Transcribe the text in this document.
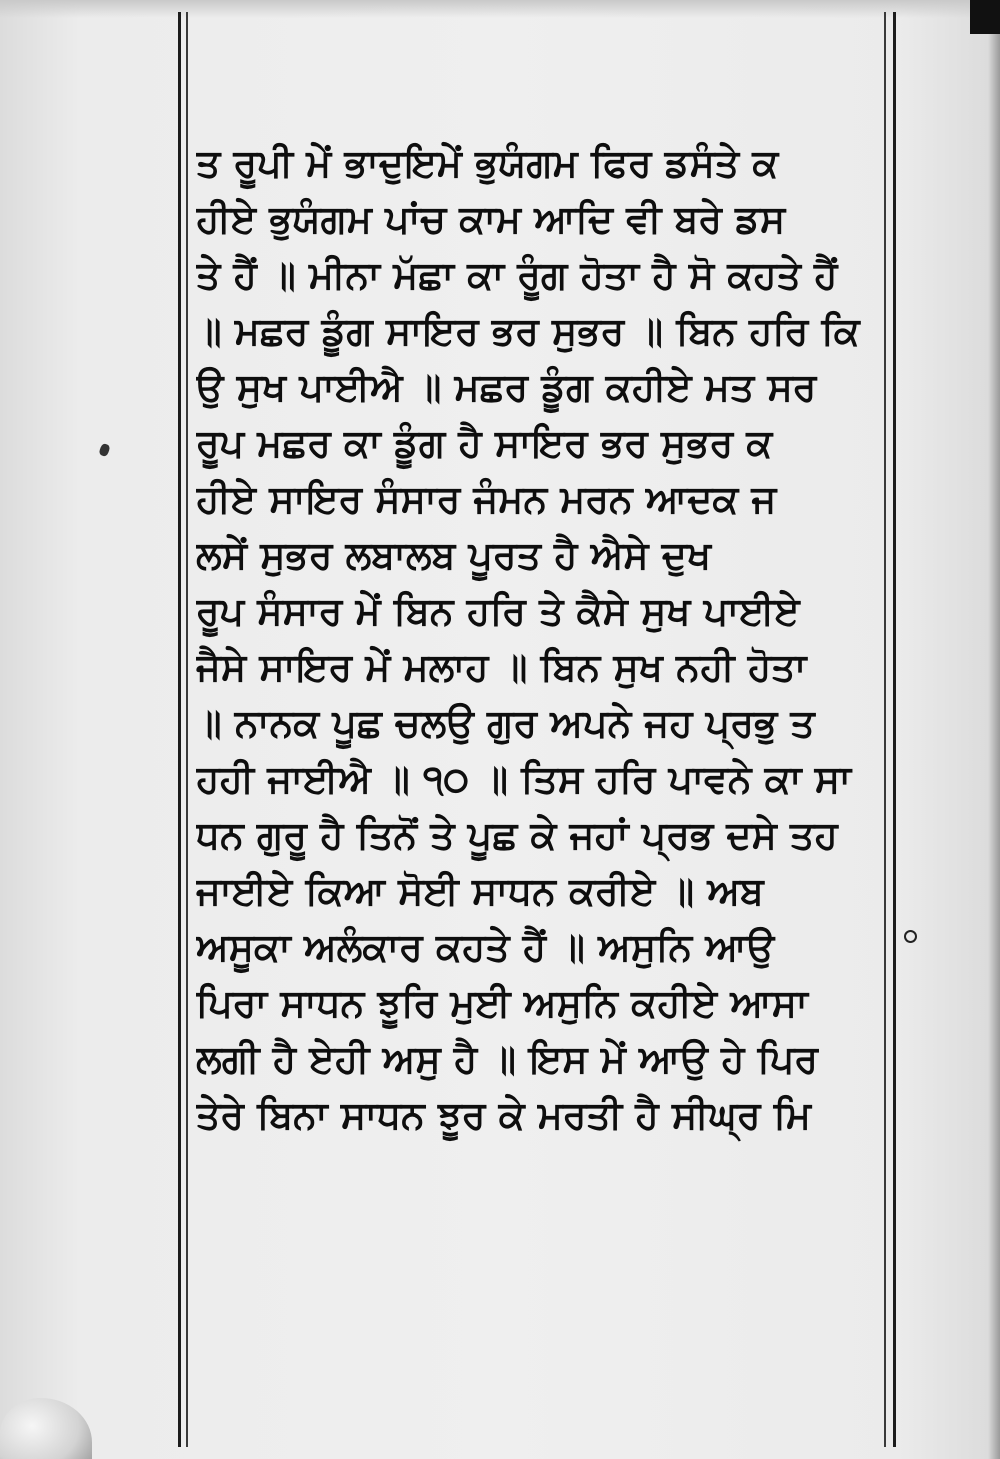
ਤ ਰੂਪੀ ਮੇਂ ਭਾਦੁਇਮੇਂ ਭੁਯੰਗਮ ਫਿਰ ਡਸੰਤੇ ਕ
ਹੀਏ ਭੁਯੰਗਮ ਪਾਂਚ ਕਾਮ ਆਦਿ ਵੀ ਬਰੇ ਡਸ
ਤੇ ਹੈਂ ॥ ਮੀਨਾ ਮੱਛਾ ਕਾ ਰੂੰਗ ਹੋਤਾ ਹੈ ਸੋ ਕਹਤੇ ਹੈਂ
॥ ਮਛਰ ਡੂੰਗ ਸਾਇਰ ਭਰ ਸੁਭਰ ॥ ਬਿਨ ਹਰਿ ਕਿ
ਉ ਸੁਖ ਪਾਈਐ ॥ ਮਛਰ ਡੂੰਗ ਕਹੀਏ ਮਤ ਸਰ
ਰੂਪ ਮਛਰ ਕਾ ਡੂੰਗ ਹੈ ਸਾਇਰ ਭਰ ਸੁਭਰ ਕ
ਹੀਏ ਸਾਇਰ ਸੰਸਾਰ ਜੰਮਨ ਮਰਨ ਆਦਕ ਜ
ਲਸੇਂ ਸੁਭਰ ਲਬਾਲਬ ਪੂਰਤ ਹੈ ਐਸੇ ਦੁਖ
ਰੂਪ ਸੰਸਾਰ ਮੇਂ ਬਿਨ ਹਰਿ ਤੇ ਕੈਸੇ ਸੁਖ ਪਾਈਏ
ਜੈਸੇ ਸਾਇਰ ਮੇਂ ਮਲਾਹ ॥ ਬਿਨ ਸੁਖ ਨਹੀ ਹੋਤਾ
॥ ਨਾਨਕ ਪੂਛ ਚਲਉ ਗੁਰ ਅਪਨੇ ਜਹ ਪ੍ਰਭੁ ਤ
ਹਹੀ ਜਾਈਐ ॥ ੧੦ ॥ ਤਿਸ ਹਰਿ ਪਾਵਨੇ ਕਾ ਸਾ
ਧਨ ਗੁਰੂ ਹੈ ਤਿਨੋਂ ਤੇ ਪੂਛ ਕੇ ਜਹਾਂ ਪ੍ਰਭ ਦਸੇ ਤਹ
ਜਾਈਏ ਕਿਆ ਸੋਈ ਸਾਧਨ ਕਰੀਏ ॥ ਅਬ
ਅਸੂਕਾ ਅਲੰਕਾਰ ਕਹਤੇ ਹੈਂ ॥ ਅਸੁਨਿ ਆਉ
ਪਿਰਾ ਸਾਧਨ ਝੂਰਿ ਮੁਈ ਅਸੁਨਿ ਕਹੀਏ ਆਸਾ
ਲਗੀ ਹੈ ਏਹੀ ਅਸੁ ਹੈ ॥ ਇਸ ਮੇਂ ਆਉ ਹੇ ਪਿਰ
ਤੇਰੇ ਬਿਨਾ ਸਾਧਨ ਝੂਰ ਕੇ ਮਰਤੀ ਹੈ ਸੀਘ੍ਰ ਮਿ
